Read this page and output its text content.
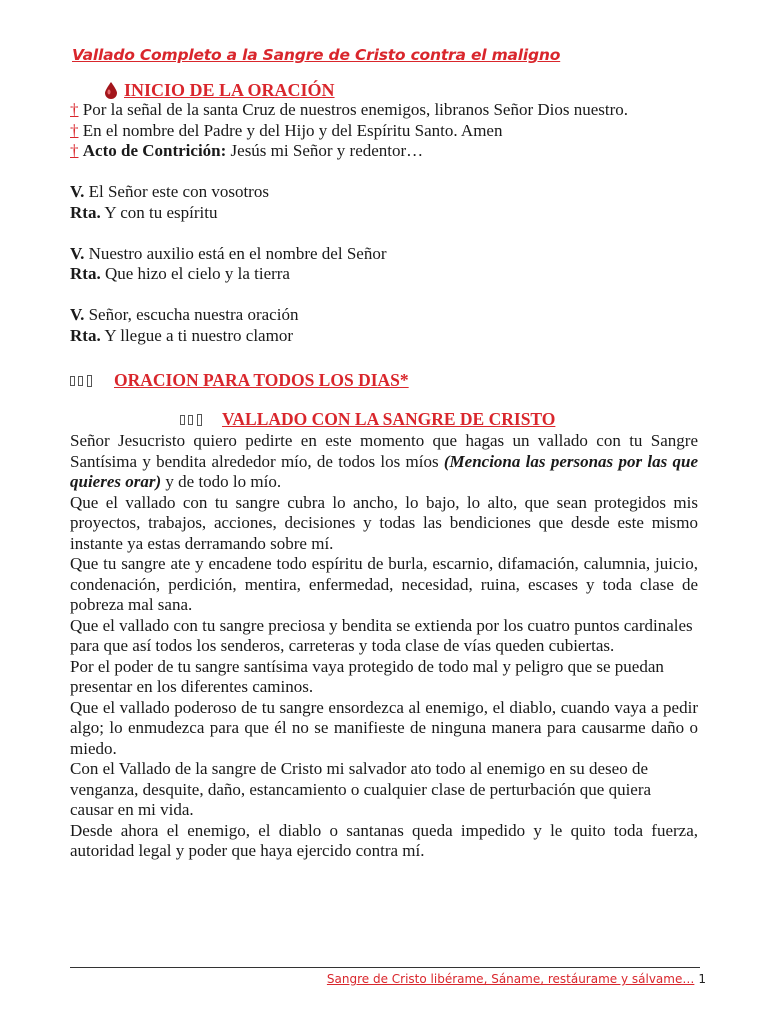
Vallado Completo a la Sangre de Cristo contra el maligno
INICIO DE LA ORACIÓN

† Por la señal de la santa Cruz de nuestros enemigos, libranos Señor Dios nuestro.

† En el nombre del Padre y del Hijo y del Espíritu Santo. Amen

† Acto de Contrición: Jesús mi Señor y redentor…

V. El Señor este con vosotros

Rta. Y con tu espíritu

V. Nuestro auxilio está en el nombre del Señor

Rta. Que hizo el cielo y la tierra

V. Señor, escucha nuestra oración

Rta. Y llegue a ti nuestro clamor

ORACION PARA TODOS LOS DIAS*
VALLADO CON LA SANGRE DE CRISTO

Señor Jesucristo quiero pedirte en este momento que hagas un vallado con tu Sangre Santísima y bendita alrededor mío, de todos los míos (Menciona las personas por las que quieres orar) y de todo lo mío.

Que el vallado con tu sangre cubra lo ancho, lo bajo, lo alto, que sean protegidos mis proyectos, trabajos, acciones, decisiones y todas las bendiciones que desde este mismo instante ya estas derramando sobre mí.

Que tu sangre ate y encadene todo espíritu de burla, escarnio, difamación, calumnia, juicio, condenación, perdición, mentira, enfermedad, necesidad, ruina, escases y toda clase de pobreza mal sana.

Que el vallado con tu sangre preciosa y bendita se extienda por los cuatro puntos cardinales para que así todos los senderos, carreteras y toda clase de vías queden cubiertas.

Por el poder de tu sangre santísima vaya protegido de todo mal y peligro que se puedan presentar en los diferentes caminos.

Que el vallado poderoso de tu sangre ensordezca al enemigo, el diablo, cuando vaya a pedir algo; lo enmudezca para que él no se manifieste de ninguna manera para causarme daño o miedo.

Con el Vallado de la sangre de Cristo mi salvador ato todo al enemigo en su deseo de venganza, desquite, daño, estancamiento o cualquier clase de perturbación que quiera causar en mi vida.

Desde ahora el enemigo, el diablo o santanas queda impedido y le quito toda fuerza, autoridad legal y poder que haya ejercido contra mí.

Sangre de Cristo libérame, Sáname, restáurame y sálvame… 1
